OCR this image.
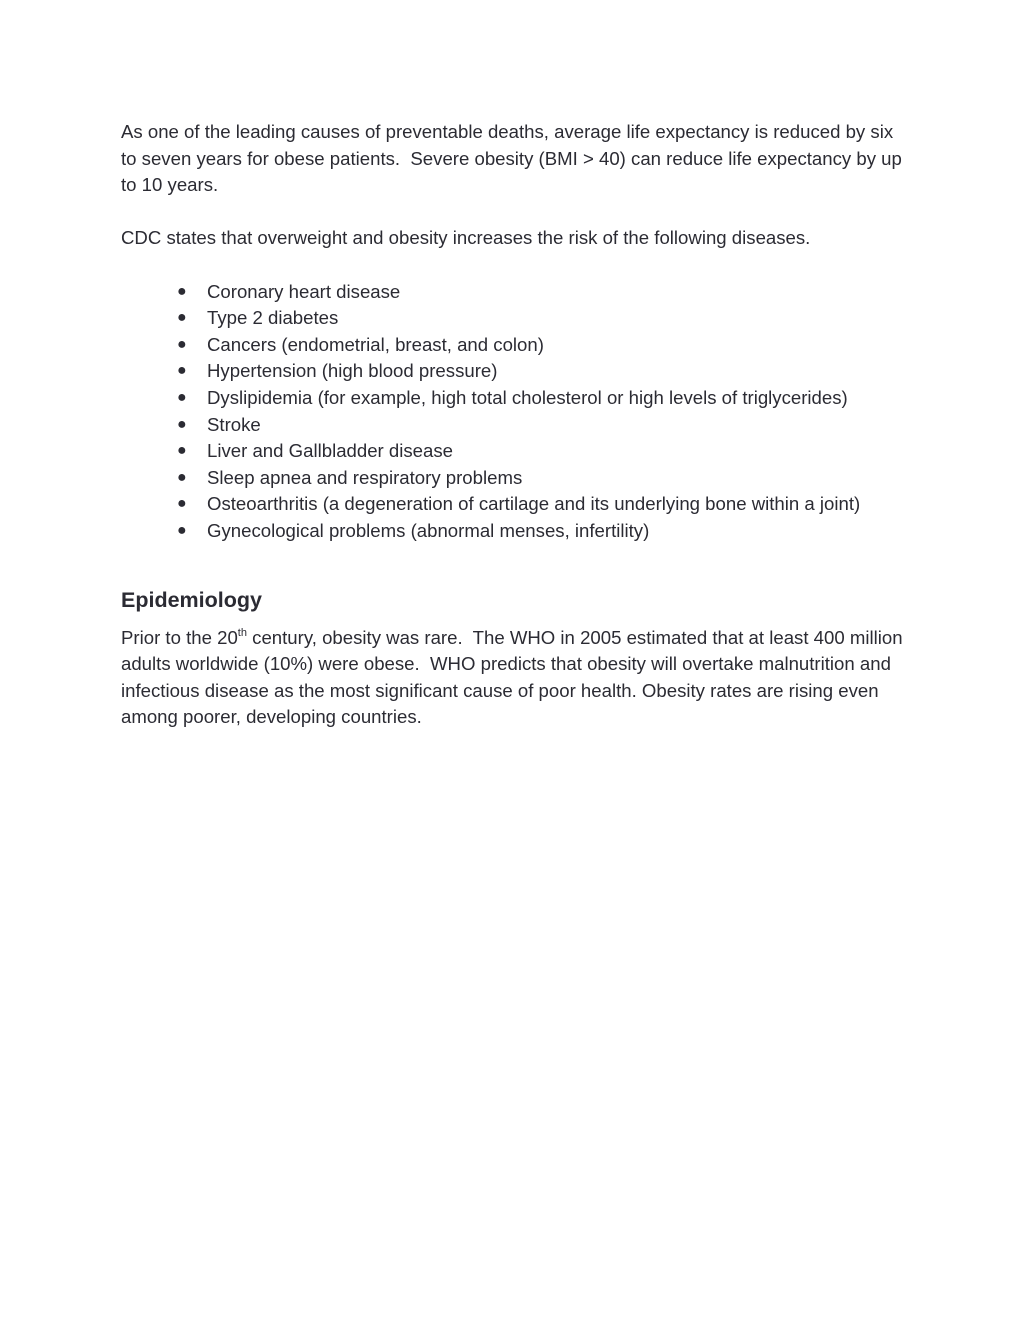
As one of the leading causes of preventable deaths, average life expectancy is reduced by six to seven years for obese patients.  Severe obesity (BMI > 40) can reduce life expectancy by up to 10 years.

CDC states that overweight and obesity increases the risk of the following diseases.

● Coronary heart disease
● Type 2 diabetes
● Cancers (endometrial, breast, and colon)
● Hypertension (high blood pressure)
● Dyslipidemia (for example, high total cholesterol or high levels of triglycerides)
● Stroke
● Liver and Gallbladder disease
● Sleep apnea and respiratory problems
● Osteoarthritis (a degeneration of cartilage and its underlying bone within a joint)
● Gynecological problems (abnormal menses, infertility)
Epidemiology

Prior to the 20th century, obesity was rare.  The WHO in 2005 estimated that at least 400 million adults worldwide (10%) were obese.  WHO predicts that obesity will overtake malnutrition and infectious disease as the most significant cause of poor health. Obesity rates are rising even among poorer, developing countries.
